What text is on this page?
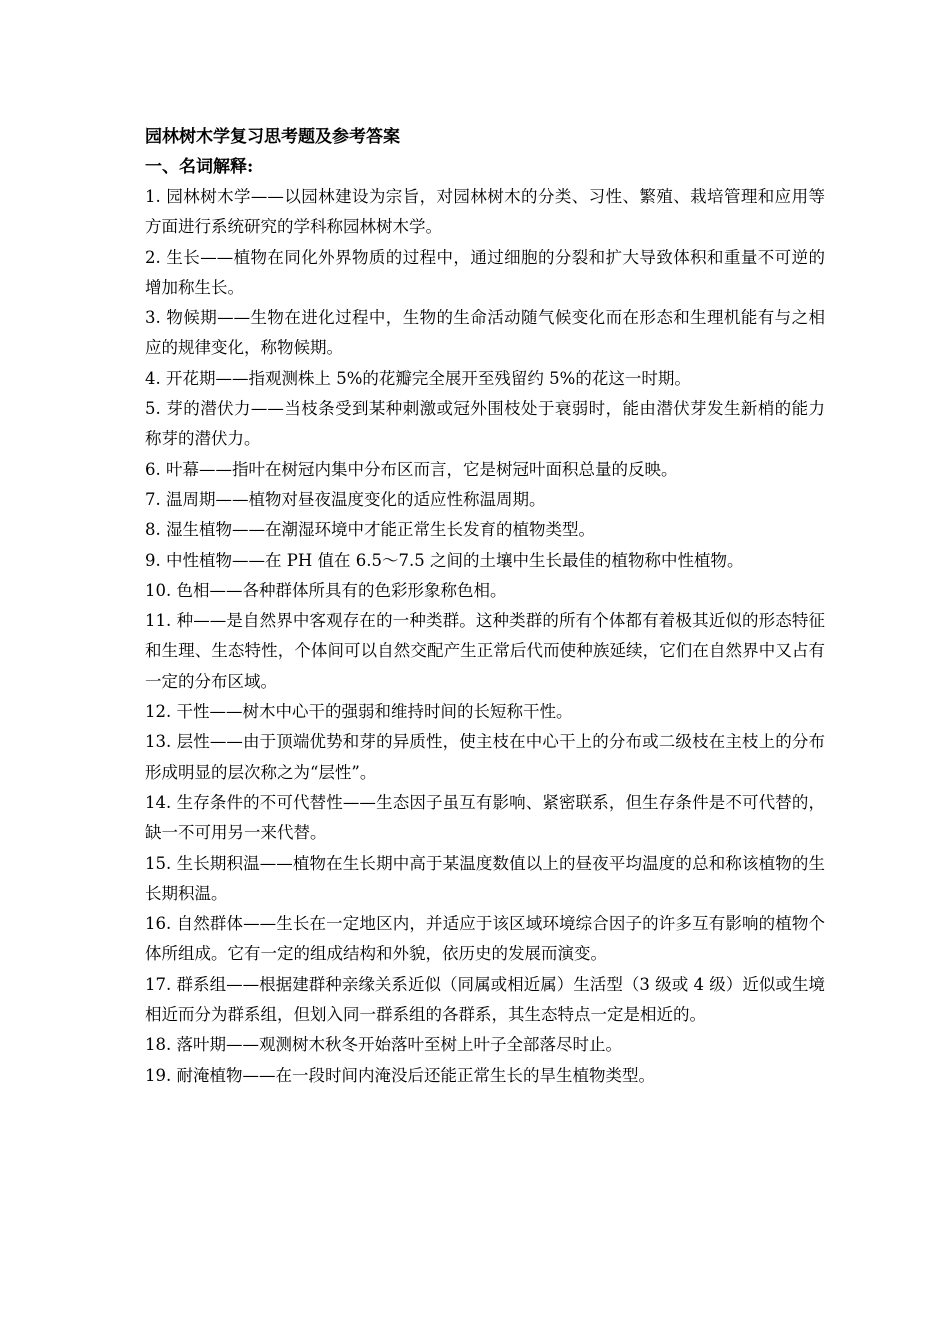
园林树木学复习思考题及参考答案
一、名词解释:
1. 园林树木学——以园林建设为宗旨，对园林树木的分类、习性、繁殖、栽培管理和应用等方面进行系统研究的学科称园林树木学。
2. 生长——植物在同化外界物质的过程中，通过细胞的分裂和扩大导致体积和重量不可逆的增加称生长。
3. 物候期——生物在进化过程中，生物的生命活动随气候变化而在形态和生理机能有与之相应的规律变化，称物候期。
4. 开花期——指观测株上 5%的花瓣完全展开至残留约 5%的花这一时期。
5. 芽的潜伏力——当枝条受到某种刺激或冠外围枝处于衰弱时，能由潜伏芽发生新梢的能力称芽的潜伏力。
6. 叶幕——指叶在树冠内集中分布区而言，它是树冠叶面积总量的反映。
7. 温周期——植物对昼夜温度变化的适应性称温周期。
8. 湿生植物——在潮湿环境中才能正常生长发育的植物类型。
9. 中性植物——在 PH 值在 6.5～7.5 之间的土壤中生长最佳的植物称中性植物。
10. 色相——各种群体所具有的色彩形象称色相。
11. 种——是自然界中客观存在的一种类群。这种类群的所有个体都有着极其近似的形态特征和生理、生态特性，个体间可以自然交配产生正常后代而使种族延续，它们在自然界中又占有一定的分布区域。
12. 干性——树木中心干的强弱和维持时间的长短称干性。
13. 层性——由于顶端优势和芽的异质性，使主枝在中心干上的分布或二级枝在主枝上的分布形成明显的层次称之为“层性”。
14. 生存条件的不可代替性——生态因子虽互有影响、紧密联系，但生存条件是不可代替的，缺一不可用另一来代替。
15. 生长期积温——植物在生长期中高于某温度数值以上的昼夜平均温度的总和称该植物的生长期积温。
16. 自然群体——生长在一定地区内，并适应于该区域环境综合因子的许多互有影响的植物个体所组成。它有一定的组成结构和外貌，依历史的发展而演变。
17. 群系组——根据建群种亲缘关系近似（同属或相近属）生活型（3 级或 4 级）近似或生境相近而分为群系组，但划入同一群系组的各群系，其生态特点一定是相近的。
18. 落叶期——观测树木秋冬开始落叶至树上叶子全部落尽时止。
19. 耐淹植物——在一段时间内淹没后还能正常生长的旱生植物类型。
